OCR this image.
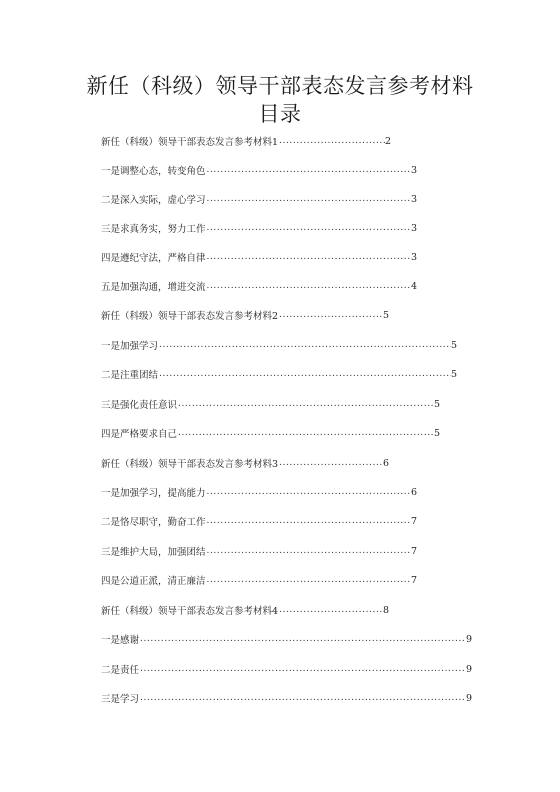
新任（科级）领导干部表态发言参考材料
目录
新任（科级）领导干部表态发言参考材料1 .....	2
一是调整心态，转变角色 .....	3
二是深入实际，虚心学习 .....	3
三是求真务实，努力工作 .....	3
四是遵纪守法，严格自律 .....	3
五是加强沟通，增进交流 .....	4
新任（科级）领导干部表态发言参考材料2 .....	5
一是加强学习 .....	5
二是注重团结 .....	5
三是强化责任意识 .....	5
四是严格要求自己 .....	5
新任（科级）领导干部表态发言参考材料3 .....	6
一是加强学习，提高能力 .....	6
二是恪尽职守，勤奋工作 .....	7
三是维护大局，加强团结 .....	7
四是公道正派，清正廉洁 .....	7
新任（科级）领导干部表态发言参考材料4 .....	8
一是感谢 .....	9
二是责任 .....	9
三是学习 .....	9
